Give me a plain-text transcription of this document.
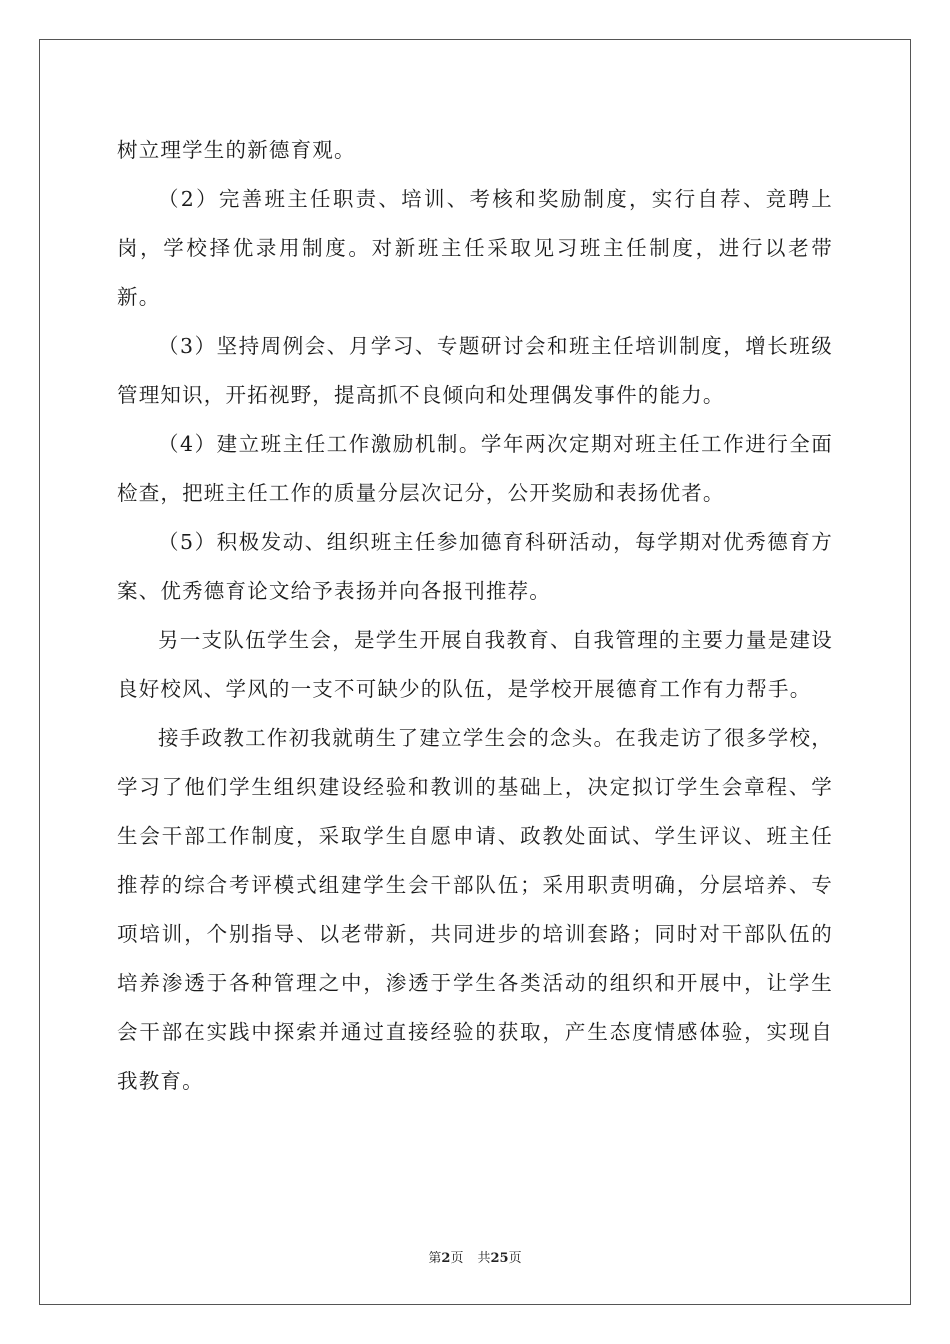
树立理学生的新德育观。

（2）完善班主任职责、培训、考核和奖励制度，实行自荐、竞聘上岗，学校择优录用制度。对新班主任采取见习班主任制度，进行以老带新。

（3）坚持周例会、月学习、专题研讨会和班主任培训制度，增长班级管理知识，开拓视野，提高抓不良倾向和处理偶发事件的能力。

（4）建立班主任工作激励机制。学年两次定期对班主任工作进行全面检查，把班主任工作的质量分层次记分，公开奖励和表扬优者。

（5）积极发动、组织班主任参加德育科研活动，每学期对优秀德育方案、优秀德育论文给予表扬并向各报刊推荐。

另一支队伍学生会，是学生开展自我教育、自我管理的主要力量是建设良好校风、学风的一支不可缺少的队伍，是学校开展德育工作有力帮手。

接手政教工作初我就萌生了建立学生会的念头。在我走访了很多学校，学习了他们学生组织建设经验和教训的基础上，决定拟订学生会章程、学生会干部工作制度，采取学生自愿申请、政教处面试、学生评议、班主任推荐的综合考评模式组建学生会干部队伍；采用职责明确，分层培养、专项培训，个别指导、以老带新，共同进步的培训套路；同时对干部队伍的培养渗透于各种管理之中，渗透于学生各类活动的组织和开展中，让学生会干部在实践中探索并通过直接经验的获取，产生态度情感体验，实现自我教育。

第2页 共25页
